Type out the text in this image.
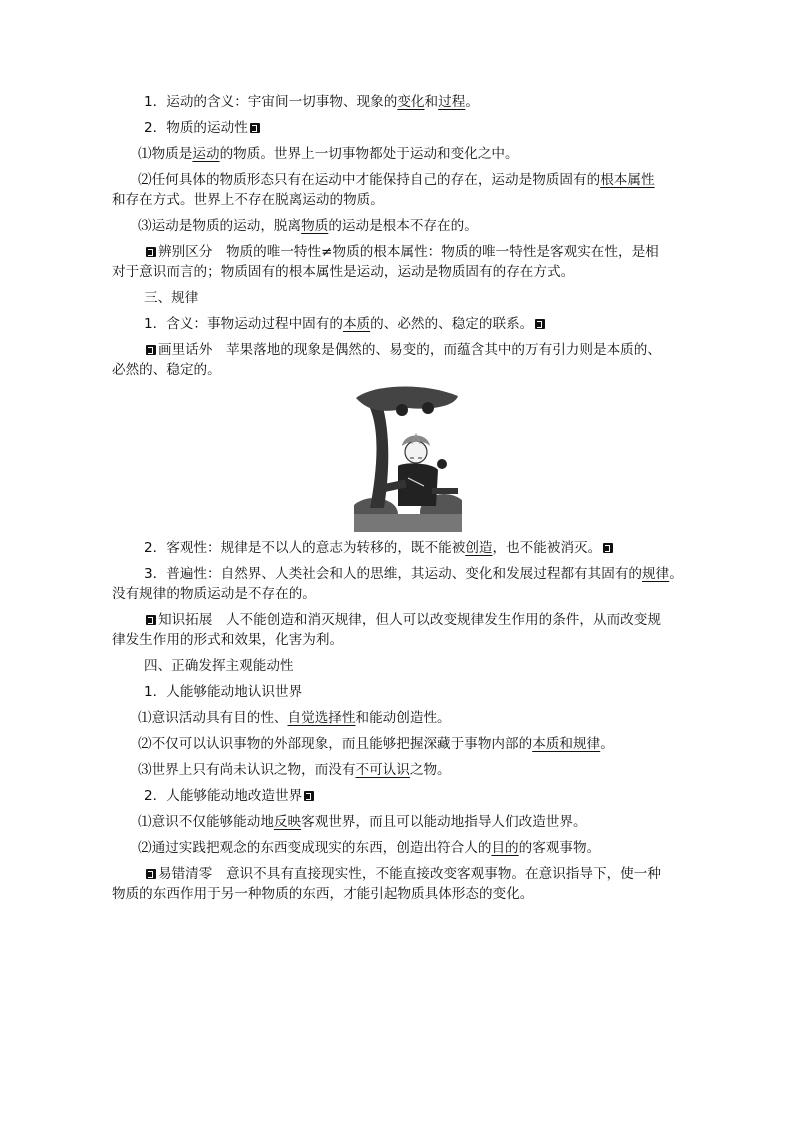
1．运动的含义：宇宙间一切事物、现象的变化和过程。
2．物质的运动性
⑴物质是运动的物质。世界上一切事物都处于运动和变化之中。
⑵任何具体的物质形态只有在运动中才能保持自己的存在，运动是物质固有的根本属性
和存在方式。世界上不存在脱离运动的物质。
⑶运动是物质的运动，脱离物质的运动是根本不存在的。
辨别区分　物质的唯一特性≠物质的根本属性：物质的唯一特性是客观实在性，是相
对于意识而言的；物质固有的根本属性是运动，运动是物质固有的存在方式。
三、规律
1．含义：事物运动过程中固有的本质的、必然的、稳定的联系。
画里话外　苹果落地的现象是偶然的、易变的，而蕴含其中的万有引力则是本质的、
必然的、稳定的。
2．客观性：规律是不以人的意志为转移的，既不能被创造，也不能被消灭。
3．普遍性：自然界、人类社会和人的思维，其运动、变化和发展过程都有其固有的规律。
没有规律的物质运动是不存在的。
知识拓展　人不能创造和消灭规律，但人可以改变规律发生作用的条件，从而改变规
律发生作用的形式和效果，化害为利。
四、正确发挥主观能动性
1．人能够能动地认识世界
⑴意识活动具有目的性、自觉选择性和能动创造性。
⑵不仅可以认识事物的外部现象，而且能够把握深藏于事物内部的本质和规律。
⑶世界上只有尚未认识之物，而没有不可认识之物。
2．人能够能动地改造世界
⑴意识不仅能够能动地反映客观世界，而且可以能动地指导人们改造世界。
⑵通过实践把观念的东西变成现实的东西，创造出符合人的目的的客观事物。
易错清零　意识不具有直接现实性，不能直接改变客观事物。在意识指导下，使一种
物质的东西作用于另一种物质的东西，才能引起物质具体形态的变化。
